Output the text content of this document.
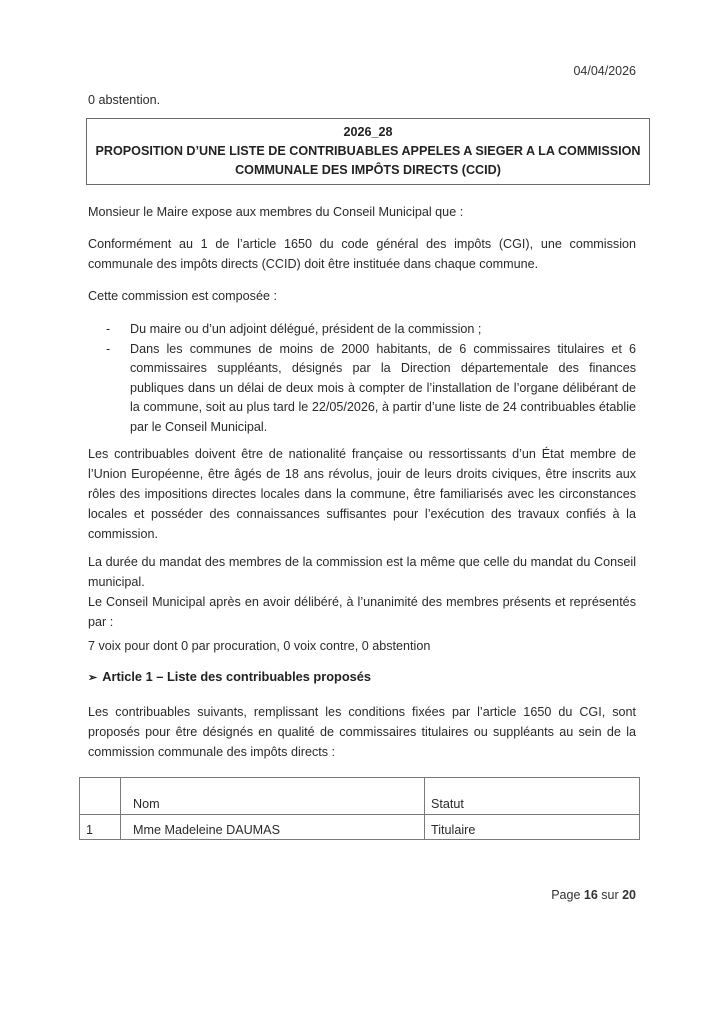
04/04/2026
0 abstention.
2026_28
PROPOSITION D’UNE LISTE DE CONTRIBUABLES APPELES A SIEGER A LA COMMISSION
COMMUNALE DES IMPÔTS DIRECTS (CCID)
Monsieur le Maire expose aux membres du Conseil Municipal que :
Conformément au 1 de l’article 1650 du code général des impôts (CGI), une commission communale des impôts directs (CCID) doit être instituée dans chaque commune.
Cette commission est composée :
- Du maire ou d’un adjoint délégué, président de la commission ;
- Dans les communes de moins de 2000 habitants, de 6 commissaires titulaires et 6 commissaires suppléants, désignés par la Direction départementale des finances publiques dans un délai de deux mois à compter de l’installation de l’organe délibérant de la commune, soit au plus tard le 22/05/2026, à partir d’une liste de 24 contribuables établie par le Conseil Municipal.
Les contribuables doivent être de nationalité française ou ressortissants d’un État membre de l’Union Européenne, être âgés de 18 ans révolus, jouir de leurs droits civiques, être inscrits aux rôles des impositions directes locales dans la commune, être familiarisés avec les circonstances locales et posséder des connaissances suffisantes pour l’exécution des travaux confiés à la commission.
La durée du mandat des membres de la commission est la même que celle du mandat du Conseil municipal.
Le Conseil Municipal après en avoir délibéré, à l’unanimité des membres présents et représentés par :
7 voix pour dont 0 par procuration, 0 voix contre, 0 abstention
➢ Article 1 – Liste des contribuables proposés
Les contribuables suivants, remplissant les conditions fixées par l’article 1650 du CGI, sont proposés pour être désignés en qualité de commissaires titulaires ou suppléants au sein de la commission communale des impôts directs :
	Nom	Statut
1	Mme Madeleine DAUMAS	Titulaire
Page 16 sur 20
